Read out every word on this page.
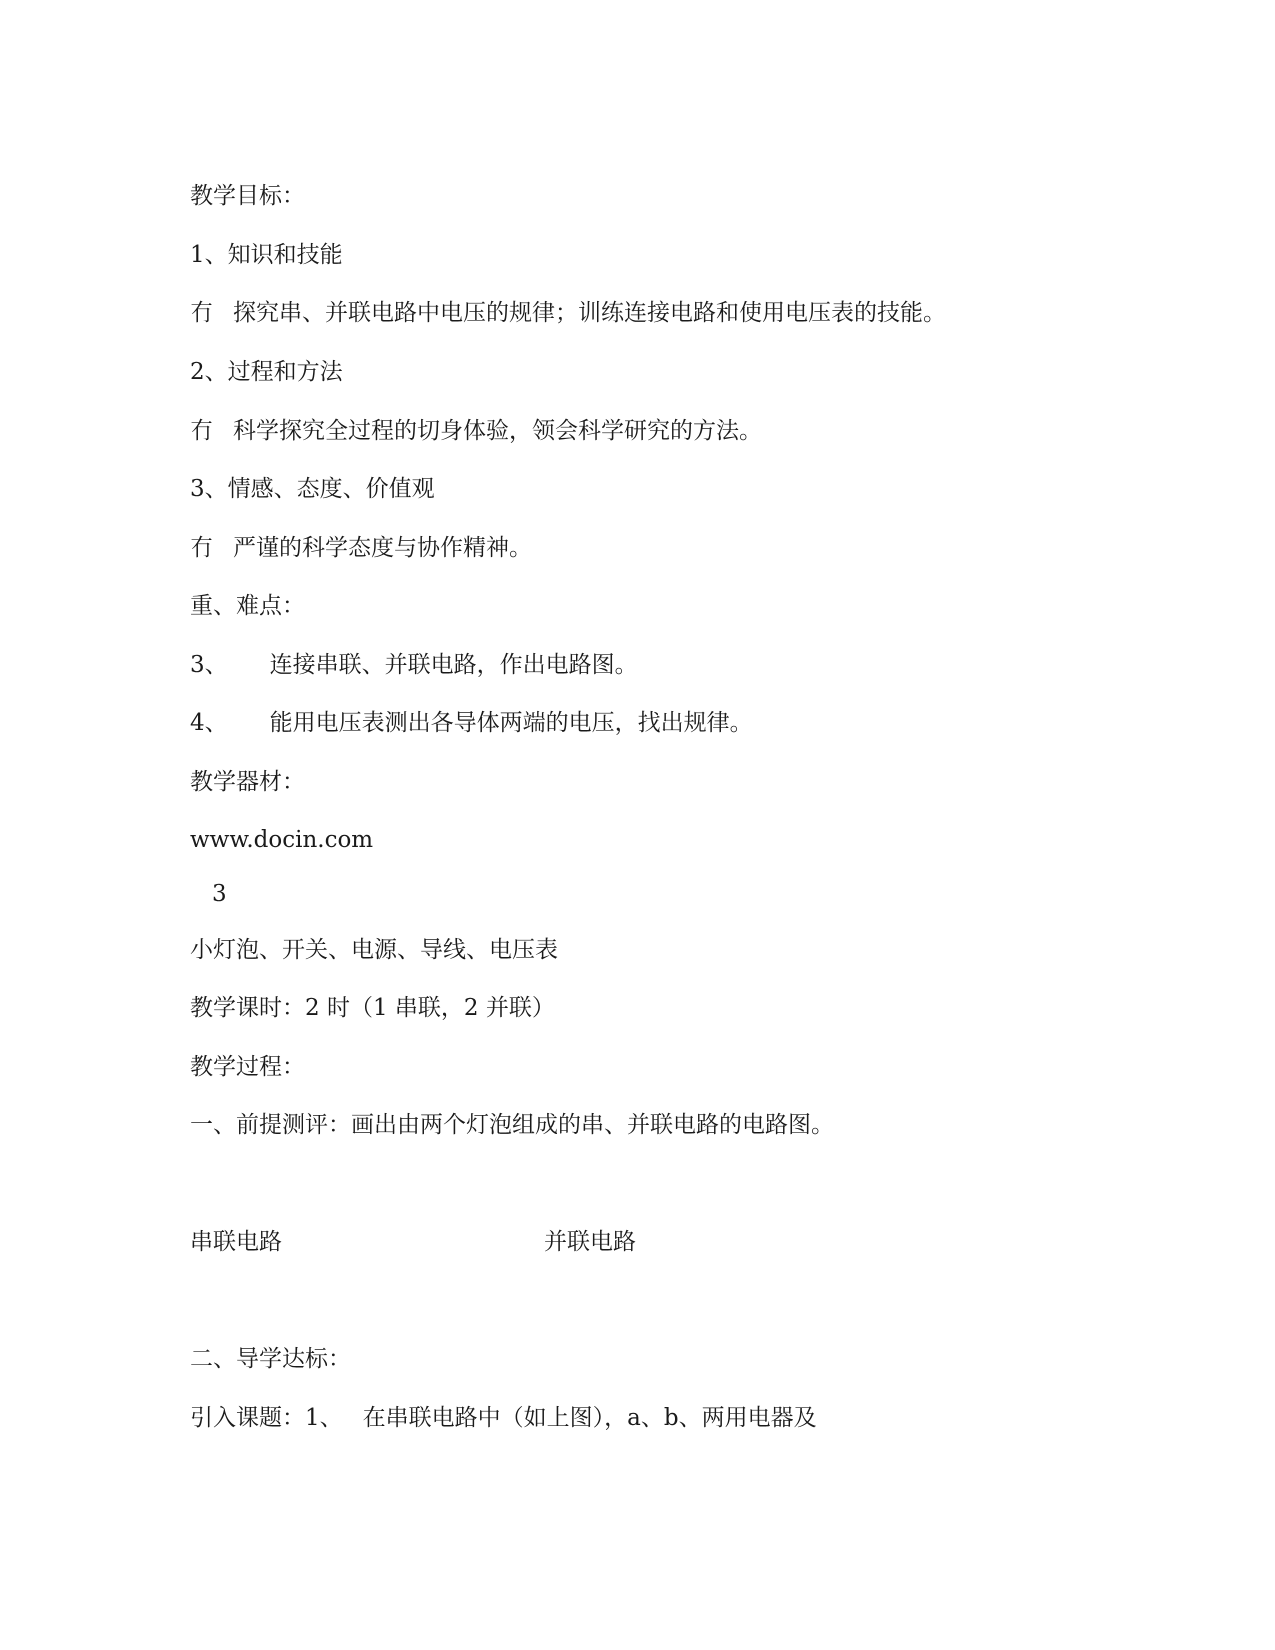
教学目标：
1、知识和技能
冇 探究串、并联电路中电压的规律；训练连接电路和使用电压表的技能。
2、过程和方法
冇 科学探究全过程的切身体验，领会科学研究的方法。
3、情感、态度、价值观
冇 严谨的科学态度与协作精神。
重、难点：
3、 连接串联、并联电路，作出电路图。
4、 能用电压表测出各导体两端的电压，找出规律。
教学器材：
www.docin.com
3
小灯泡、开关、电源、导线、电压表
教学课时：2 时（1 串联，2 并联）
教学过程：
一、前提测评：画出由两个灯泡组成的串、并联电路的电路图。
串联电路	并联电路
二、导学达标：
引入课题：1、 在串联电路中（如上图），a、b、两用电器及
